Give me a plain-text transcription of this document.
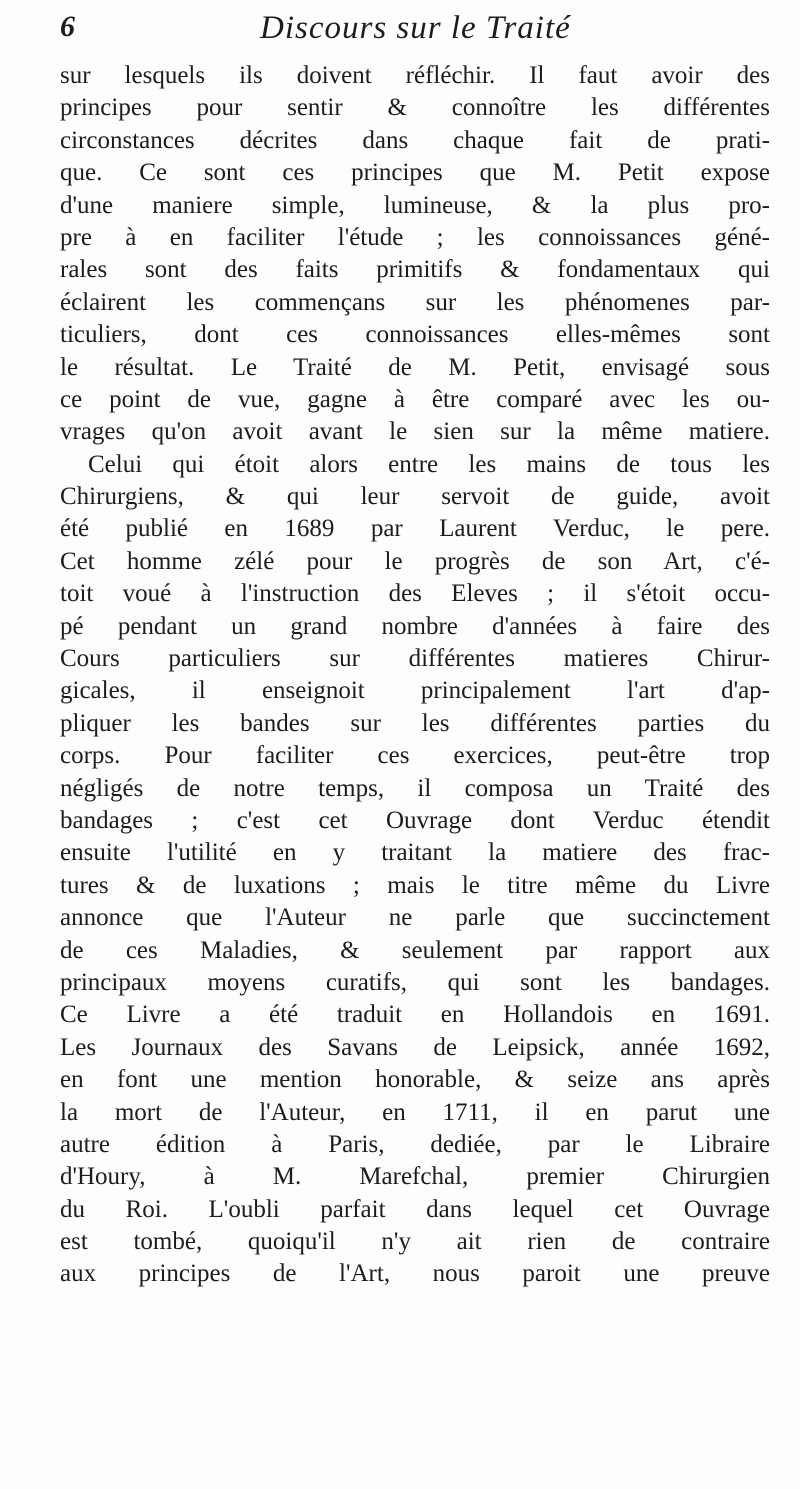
6	Discours sur le Traité
sur lesquels ils doivent réfléchir. Il faut avoir des
principes pour sentir & connoître les différentes
circonstances décrites dans chaque fait de prati-
que. Ce sont ces principes que M. Petit expose
d'une maniere simple, lumineuse, & la plus pro-
pre à en faciliter l'étude ; les connoissances géné-
rales sont des faits primitifs & fondamentaux qui
éclairent les commençans sur les phénomenes par-
ticuliers, dont ces connoissances elles-mêmes sont
le résultat. Le Traité de M. Petit, envisagé sous
ce point de vue, gagne à être comparé avec les ou-
vrages qu'on avoit avant le sien sur la même matiere.
Celui qui étoit alors entre les mains de tous les
Chirurgiens, & qui leur servoit de guide, avoit
été publié en 1689 par Laurent Verduc, le pere.
Cet homme zélé pour le progrès de son Art, c'é-
toit voué à l'instruction des Eleves ; il s'étoit occu-
pé pendant un grand nombre d'années à faire des
Cours particuliers sur différentes matieres Chirur-
gicales, il enseignoit principalement l'art d'ap-
pliquer les bandes sur les différentes parties du
corps. Pour faciliter ces exercices, peut-être trop
négligés de notre temps, il composa un Traité des
bandages ; c'est cet Ouvrage dont Verduc étendit
ensuite l'utilité en y traitant la matiere des frac-
tures & de luxations ; mais le titre même du Livre
annonce que l'Auteur ne parle que succinctement
de ces Maladies, & seulement par rapport aux
principaux moyens curatifs, qui sont les bandages.
Ce Livre a été traduit en Hollandois en 1691.
Les Journaux des Savans de Leipsick, année 1692,
en font une mention honorable, & seize ans après
la mort de l'Auteur, en 1711, il en parut une
autre édition à Paris, dediée, par le Libraire
d'Houry, à M. Marefchal, premier Chirurgien
du Roi. L'oubli parfait dans lequel cet Ouvrage
est tombé, quoiqu'il n'y ait rien de contraire
aux principes de l'Art, nous paroit une preuve
